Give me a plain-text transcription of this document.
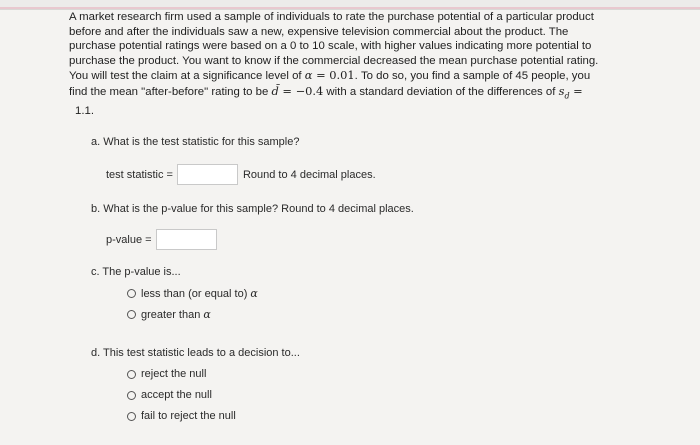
A market research firm used a sample of individuals to rate the purchase potential of a particular product
before and after the individuals saw a new, expensive television commercial about the product. The
purchase potential ratings were based on a 0 to 10 scale, with higher values indicating more potential to
purchase the product. You want to know if the commercial decreased the mean purchase potential rating.
You will test the claim at a significance level of α = 0.01. To do so, you find a sample of 45 people, you
find the mean "after-before" rating to be d̄ = −0.4 with a standard deviation of the differences of $s_d$ =
1.1.
a. What is the test statistic for this sample?
test statistic =	Round to 4 decimal places.
b. What is the p-value for this sample? Round to 4 decimal places.
p-value =
c. The p-value is...
less than (or equal to) α
greater than α
d. This test statistic leads to a decision to...
reject the null
accept the null
fail to reject the null
